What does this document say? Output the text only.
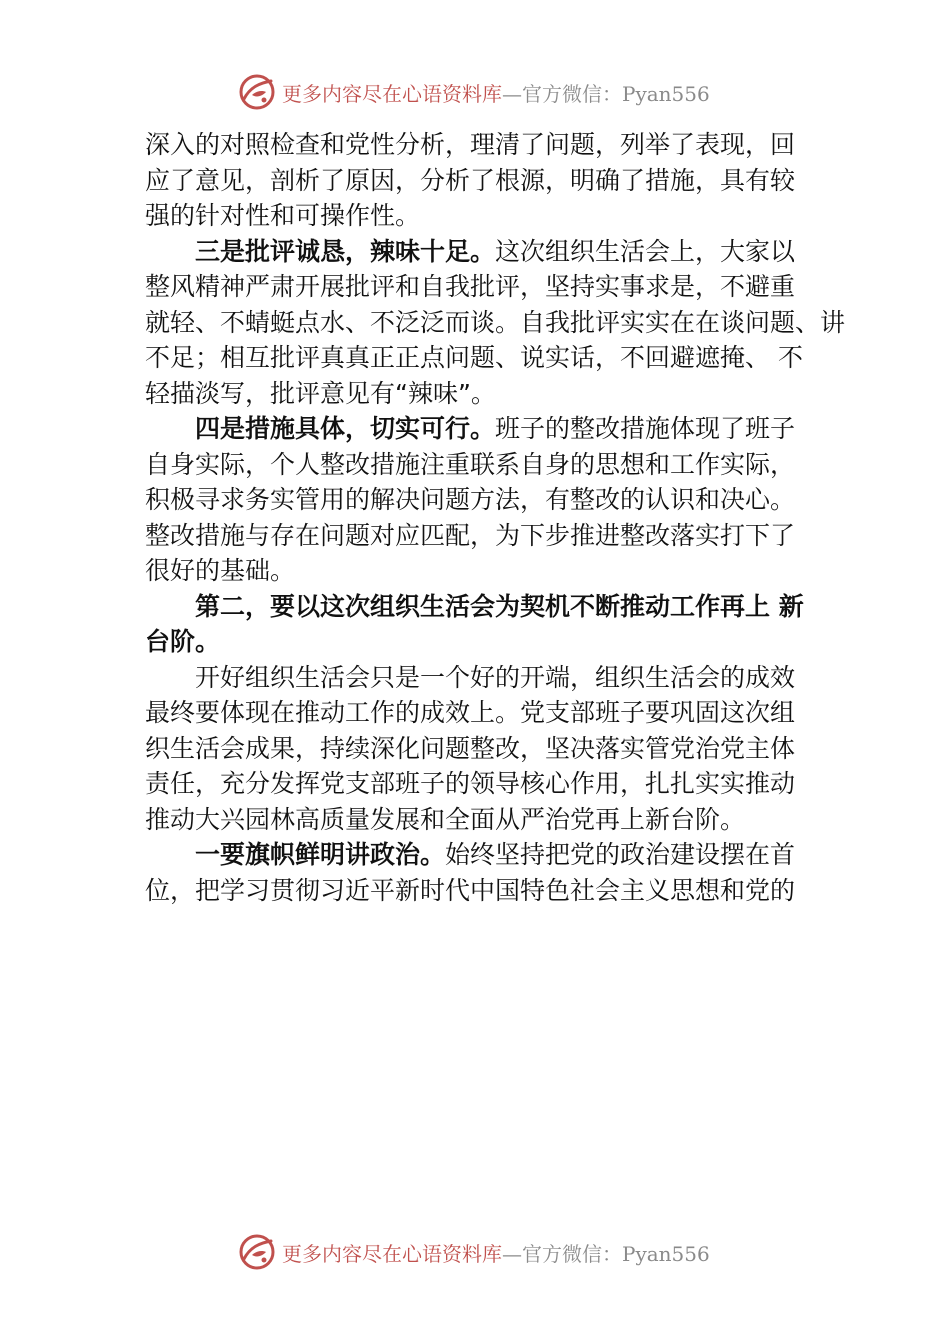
更多内容尽在心语资料库—官方微信：Pyan556
深入的对照检查和党性分析，理清了问题，列举了表现，回
应了意见，剖析了原因，分析了根源，明确了措施，具有较
强的针对性和可操作性。
三是批评诚恳，辣味十足。这次组织生活会上，大家以
整风精神严肃开展批评和自我批评，坚持实事求是，不避重
就轻、不蜻蜓点水、不泛泛而谈。自我批评实实在在谈问题、讲
不足；相互批评真真正正点问题、说实话，不回避遮掩、 不
轻描淡写，批评意见有“辣味”。
四是措施具体，切实可行。班子的整改措施体现了班子
自身实际，个人整改措施注重联系自身的思想和工作实际，
积极寻求务实管用的解决问题方法，有整改的认识和决心。
整改措施与存在问题对应匹配，为下步推进整改落实打下了
很好的基础。
第二，要以这次组织生活会为契机不断推动工作再上 新
台阶。
开好组织生活会只是一个好的开端，组织生活会的成效
最终要体现在推动工作的成效上。党支部班子要巩固这次组
织生活会成果，持续深化问题整改，坚决落实管党治党主体
责任，充分发挥党支部班子的领导核心作用，扎扎实实推动
推动大兴园林高质量发展和全面从严治党再上新台阶。
一要旗帜鲜明讲政治。始终坚持把党的政治建设摆在首
位，把学习贯彻习近平新时代中国特色社会主义思想和党的
更多内容尽在心语资料库—官方微信：Pyan556
